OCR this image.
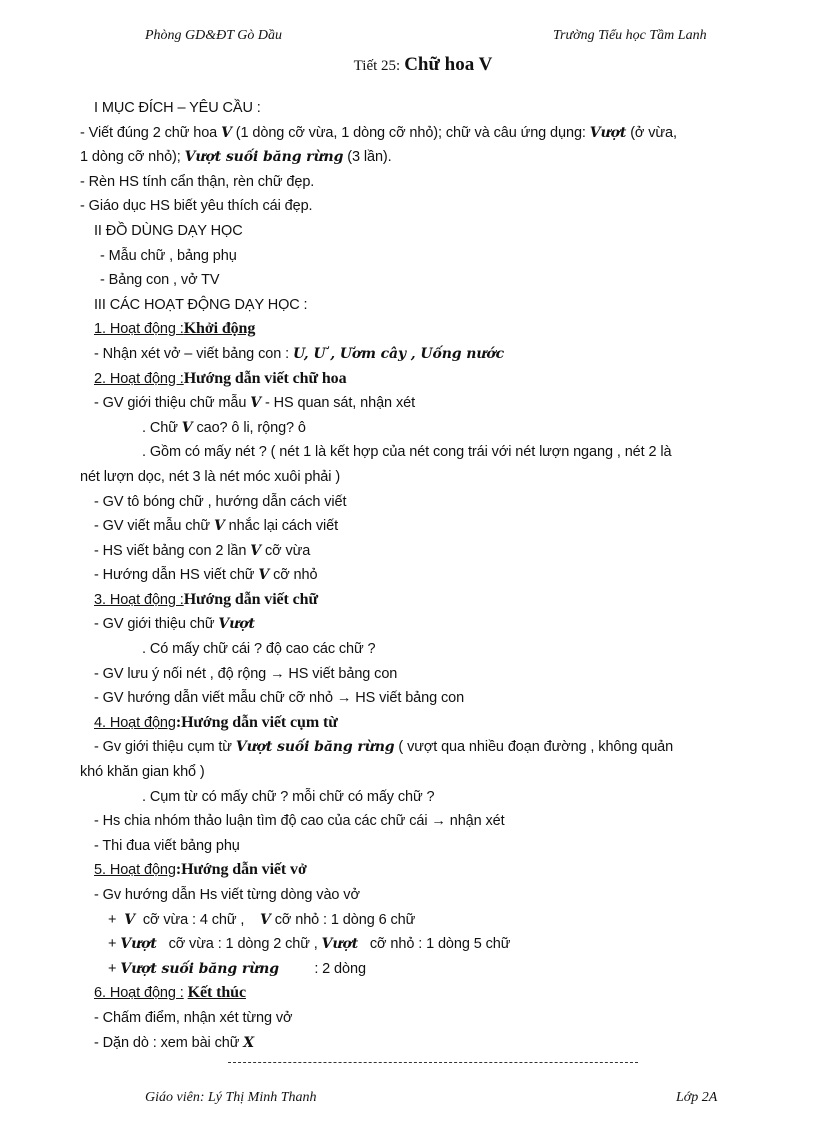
Phòng GD&ĐT Gò Dầu	Trường Tiểu học Tầm Lanh
Tiết 25: Chữ hoa V
I MỤC ĐÍCH – YÊU CẦU :
- Viết đúng 2 chữ hoa V (1 dòng cỡ vừa, 1 dòng cỡ nhỏ); chữ và câu ứng dụng: Vượt (ở vừa,
1 dòng cỡ nhỏ); Vượt suối băng rừng (3 lần).
- Rèn HS tính cẩn thận, rèn chữ đẹp.
- Giáo dục HS biết yêu thích cái đẹp.
II ĐỒ DÙNG DẠY HỌC
- Mẫu chữ , bảng phụ
- Bảng con , vở TV
III CÁC HOẠT ĐỘNG DẠY HỌC :
1. Hoạt động :Khởi động
- Nhận xét vở – viết bảng con : U, Ư , Ươm cây , Uống nước
2. Hoạt động :Hướng dẫn viết chữ hoa
- GV giới thiệu chữ mẫu V - HS quan sát, nhận xét
. Chữ V cao? ô li, rộng? ô
. Gồm có mấy nét ? ( nét 1 là kết hợp của nét cong trái với nét lượn ngang , nét 2 là
nét lượn dọc, nét 3 là nét móc xuôi phải )
- GV tô bóng chữ , hướng dẫn cách viết
- GV viết mẫu chữ V nhắc lại cách viết
- HS viết bảng con 2 lần V cỡ vừa
- Hướng dẫn HS viết chữ V cỡ nhỏ
3. Hoạt động :Hướng dẫn viết chữ
- GV giới thiệu chữ Vượt
. Có mấy chữ cái ? độ cao các chữ ?
- GV lưu ý nối nét , độ rộng → HS viết bảng con
- GV hướng dẫn viết mẫu chữ cỡ nhỏ → HS viết bảng con
4. Hoạt động:Hướng dẫn viết cụm từ
- Gv giới thiệu cụm từ Vượt suối băng rừng ( vượt qua nhiều đoạn đường , không quản
khó khăn gian khổ )
. Cụm từ có mấy chữ ? mỗi chữ có mấy chữ ?
- Hs chia nhóm thảo luận tìm độ cao của các chữ cái → nhận xét
- Thi đua viết bảng phụ
5. Hoạt động:Hướng dẫn viết vở
- Gv hướng dẫn Hs viết từng dòng vào vở
+ V cỡ vừa : 4 chữ , V cỡ nhỏ : 1 dòng 6 chữ
+ Vượt cỡ vừa : 1 dòng 2 chữ , Vượt cỡ nhỏ : 1 dòng 5 chữ
+ Vượt suối băng rừng : 2 dòng
6. Hoạt động : Kết thúc
- Chấm điểm, nhận xét từng vở
- Dặn dò : xem bài chữ X
Giáo viên: Lý Thị Minh Thanh	Lớp 2A
